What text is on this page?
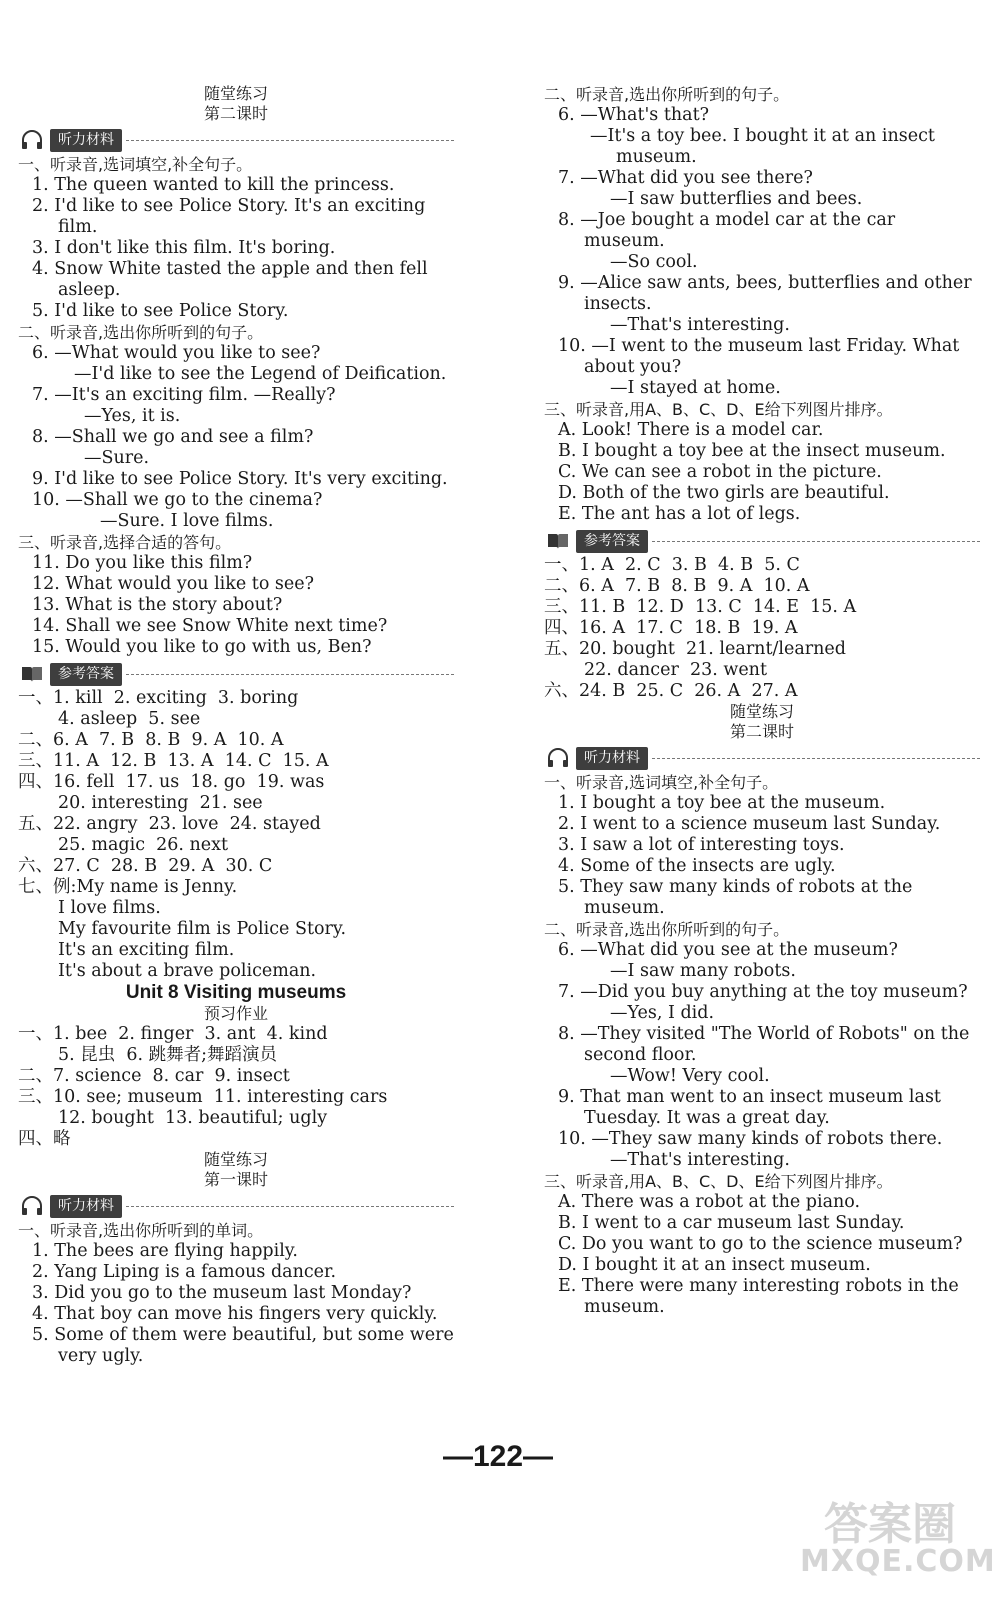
随堂练习
第二课时
听力材料
一、听录音,选词填空,补全句子。
1. The queen wanted to kill the princess.
2. I'd like to see Police Story. It's an exciting film.
3. I don't like this film. It's boring.
4. Snow White tasted the apple and then fell asleep.
5. I'd like to see Police Story.
二、听录音,选出你所听到的句子。
6. —What would you like to see?
—I'd like to see the Legend of Deification.
7. —It's an exciting film. —Really?
—Yes, it is.
8. —Shall we go and see a film?
—Sure.
9. I'd like to see Police Story. It's very exciting.
10. —Shall we go to the cinema?
—Sure. I love films.
三、听录音,选择合适的答句。
11. Do you like this film?
12. What would you like to see?
13. What is the story about?
14. Shall we see Snow White next time?
15. Would you like to go with us, Ben?
参考答案
一、1. kill  2. exciting  3. boring
4. asleep  5. see
二、6. A  7. B  8. B  9. A  10. A
三、11. A  12. B  13. A  14. C  15. A
四、16. fell  17. us  18. go  19. was
20. interesting  21. see
五、22. angry  23. love  24. stayed
25. magic  26. next
六、27. C  28. B  29. A  30. C
七、例:My name is Jenny.
I love films.
My favourite film is Police Story.
It's an exciting film.
It's about a brave policeman.
Unit 8 Visiting museums
预习作业
一、1. bee  2. finger  3. ant  4. kind
5. 昆虫  6. 跳舞者;舞蹈演员
二、7. science  8. car  9. insect
三、10. see; museum  11. interesting cars
12. bought  13. beautiful; ugly
四、略
随堂练习
第一课时
听力材料
一、听录音,选出你所听到的单词。
1. The bees are flying happily.
2. Yang Liping is a famous dancer.
3. Did you go to the museum last Monday?
4. That boy can move his fingers very quickly.
5. Some of them were beautiful, but some were very ugly.
二、听录音,选出你所听到的句子。
6. —What's that?
—It's a toy bee. I bought it at an insect museum.
7. —What did you see there?
—I saw butterflies and bees.
8. —Joe bought a model car at the car museum.
—So cool.
9. —Alice saw ants, bees, butterflies and other insects.
—That's interesting.
10. —I went to the museum last Friday. What about you?
—I stayed at home.
三、听录音,用A、B、C、D、E给下列图片排序。
A. Look! There is a model car.
B. I bought a toy bee at the insect museum.
C. We can see a robot in the picture.
D. Both of the two girls are beautiful.
E. The ant has a lot of legs.
参考答案
一、1. A  2. C  3. B  4. B  5. C
二、6. A  7. B  8. B  9. A  10. A
三、11. B  12. D  13. C  14. E  15. A
四、16. A  17. C  18. B  19. A
五、20. bought  21. learnt/learned
22. dancer  23. went
六、24. B  25. C  26. A  27. A
随堂练习
第二课时
听力材料
一、听录音,选词填空,补全句子。
1. I bought a toy bee at the museum.
2. I went to a science museum last Sunday.
3. I saw a lot of interesting toys.
4. Some of the insects are ugly.
5. They saw many kinds of robots at the museum.
二、听录音,选出你所听到的句子。
6. —What did you see at the museum?
—I saw many robots.
7. —Did you buy anything at the toy museum?
—Yes, I did.
8. —They visited "The World of Robots" on the second floor.
—Wow! Very cool.
9. That man went to an insect museum last Tuesday. It was a great day.
10. —They saw many kinds of robots there.
—That's interesting.
三、听录音,用A、B、C、D、E给下列图片排序。
A. There was a robot at the piano.
B. I went to a car museum last Sunday.
C. Do you want to go to the science museum?
D. I bought it at an insect museum.
E. There were many interesting robots in the museum.
—122—
答案圈
MXQE.COM
